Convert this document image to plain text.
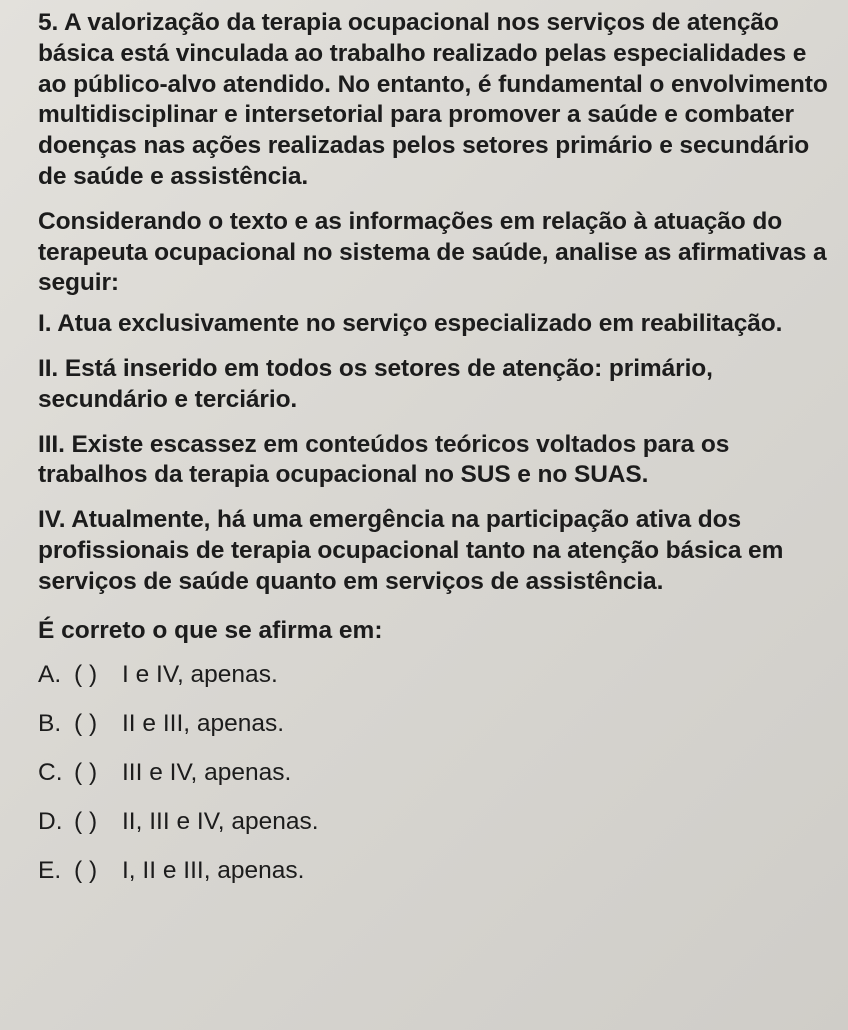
5. A valorização da terapia ocupacional nos serviços de atenção básica está vinculada ao trabalho realizado pelas especialidades e ao público-alvo atendido. No entanto, é fundamental o envolvimento multidisciplinar e intersetorial para promover a saúde e combater doenças nas ações realizadas pelos setores primário e secundário de saúde e assistência.

Considerando o texto e as informações em relação à atuação do terapeuta ocupacional no sistema de saúde, analise as afirmativas a seguir:

I. Atua exclusivamente no serviço especializado em reabilitação.
II. Está inserido em todos os setores de atenção: primário, secundário e terciário.
III. Existe escassez em conteúdos teóricos voltados para os trabalhos da terapia ocupacional no SUS e no SUAS.
IV. Atualmente, há uma emergência na participação ativa dos profissionais de terapia ocupacional tanto na atenção básica em serviços de saúde quanto em serviços de assistência.

É correto o que se afirma em:

A. ( )	I e IV, apenas.
B. ( )	II e III, apenas.
C. ( )	III e IV, apenas.
D. ( )	II, III e IV, apenas.
E. ( )	I, II e III, apenas.
